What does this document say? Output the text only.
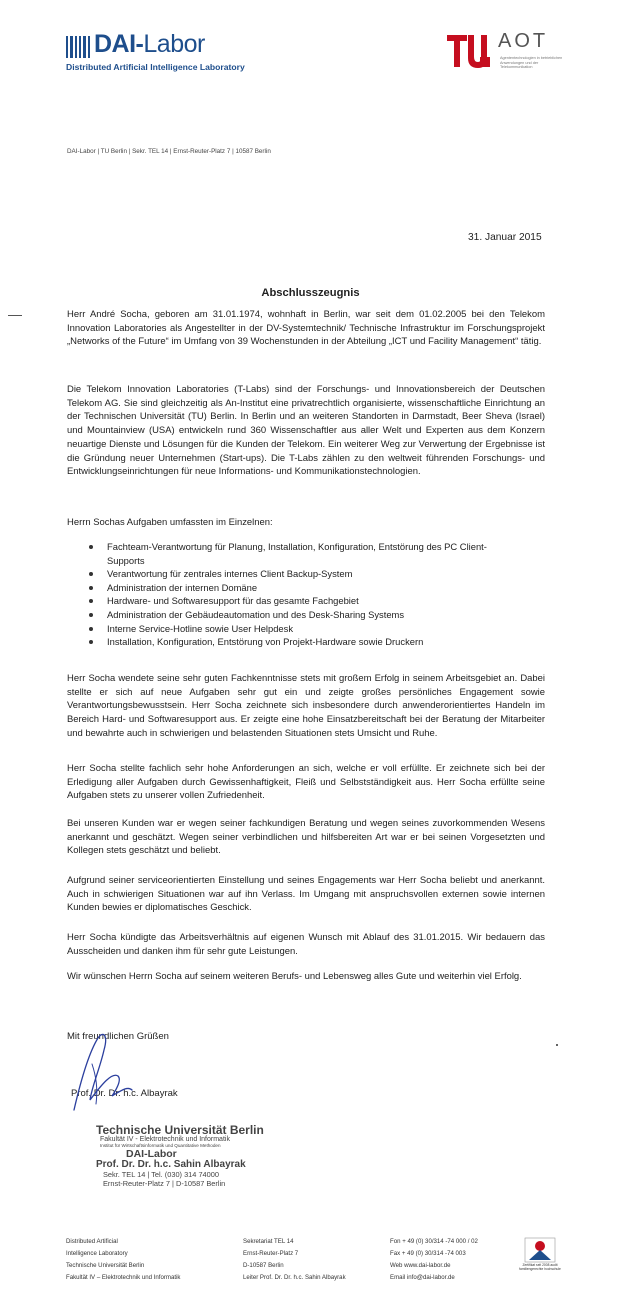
DAI-Labor
Distributed Artificial Intelligence Laboratory
AOT
Agententechnologien in betrieblichen Anwendungen und der Telekommunikation
DAI-Labor | TU Berlin | Sekr. TEL 14 | Ernst-Reuter-Platz 7 | 10587 Berlin
31. Januar 2015
Abschlusszeugnis

Herr André Socha, geboren am 31.01.1974, wohnhaft in Berlin, war seit dem 01.02.2005 bei den Telekom Innovation Laboratories als Angestellter in der DV-Systemtechnik/ Technische Infrastruktur im Forschungsprojekt „Networks of the Future“ im Umfang von 39 Wochenstunden in der Abteilung „ICT und Facility Management“ tätig.

Die Telekom Innovation Laboratories (T-Labs) sind der Forschungs- und Innovationsbereich der Deutschen Telekom AG. Sie sind gleichzeitig als An-Institut eine privatrechtlich organisierte, wissenschaftliche Einrichtung an der Technischen Universität (TU) Berlin. In Berlin und an weiteren Standorten in Darmstadt, Beer Sheva (Israel) und Mountainview (USA) entwickeln rund 360 Wissenschaftler aus aller Welt und Experten aus dem Konzern neuartige Dienste und Lösungen für die Kunden der Telekom. Ein weiterer Weg zur Verwertung der Ergebnisse ist die Gründung neuer Unternehmen (Start-ups). Die T-Labs zählen zu den weltweit führenden Forschungs- und Entwicklungseinrichtungen für neue Informations- und Kommunikationstechnologien.

Herrn Sochas Aufgaben umfassten im Einzelnen:

Fachteam-Verantwortung für Planung, Installation, Konfiguration, Entstörung des PC Client-Supports
Verantwortung für zentrales internes Client Backup-System
Administration der internen Domäne
Hardware- und Softwaresupport für das gesamte Fachgebiet
Administration der Gebäudeautomation und des Desk-Sharing Systems
Interne Service-Hotline sowie User Helpdesk
Installation, Konfiguration, Entstörung von Projekt-Hardware sowie Druckern

Herr Socha wendete seine sehr guten Fachkenntnisse stets mit großem Erfolg in seinem Arbeitsgebiet an. Dabei stellte er sich auf neue Aufgaben sehr gut ein und zeigte großes persönliches Engagement sowie Verantwortungsbewusstsein. Herr Socha zeichnete sich insbesondere durch anwenderorientiertes Handeln im Bereich Hard- und Softwaresupport aus. Er zeigte eine hohe Einsatzbereitschaft bei der Beratung der Mitarbeiter und bewahrte auch in schwierigen und belastenden Situationen stets Umsicht und Ruhe.

Herr Socha stellte fachlich sehr hohe Anforderungen an sich, welche er voll erfüllte. Er zeichnete sich bei der Erledigung aller Aufgaben durch Gewissenhaftigkeit, Fleiß und Selbstständigkeit aus. Herr Socha erfüllte seine Aufgaben stets zu unserer vollen Zufriedenheit.

Bei unseren Kunden war er wegen seiner fachkundigen Beratung und wegen seines zuvorkommenden Wesens anerkannt und geschätzt. Wegen seiner verbindlichen und hilfsbereiten Art war er bei seinen Vorgesetzten und Kollegen stets geschätzt und beliebt.

Aufgrund seiner serviceorientierten Einstellung und seines Engagements war Herr Socha beliebt und anerkannt. Auch in schwierigen Situationen war auf ihn Verlass. Im Umgang mit anspruchsvollen externen sowie internen Kunden bewies er diplomatisches Geschick.

Herr Socha kündigte das Arbeitsverhältnis auf eigenen Wunsch mit Ablauf des 31.01.2015. Wir bedauern das Ausscheiden und danken ihm für sehr gute Leistungen.

Wir wünschen Herrn Socha auf seinem weiteren Berufs- und Lebensweg alles Gute und weiterhin viel Erfolg.

Mit freundlichen Grüßen
Prof. Dr. Dr. h.c. Albayrak
Technische Universität Berlin
Fakultät IV - Elektrotechnik und Informatik
Institut für Wirtschaftsinformatik und Quantitative Methoden
DAI-Labor
Prof. Dr. Dr. h.c. Sahin Albayrak
Sekr. TEL 14 | Tel. (030) 314 74000
Ernst-Reuter-Platz 7 | D-10587 Berlin
Distributed Artificial
Intelligence Laboratory
Technische Universität Berlin
Fakultät IV – Elektrotechnik und Informatik
Sekretariat TEL 14
Ernst-Reuter-Platz 7
D-10587 Berlin
Leiter Prof. Dr. Dr. h.c. Sahin Albayrak
Fon + 49 (0) 30/314 -74 000 / 02
Fax + 49 (0) 30/314 -74 003
Web www.dai-labor.de
Email info@dai-labor.de
Zertifikat seit 2008 audit familiengerechte hochschule
